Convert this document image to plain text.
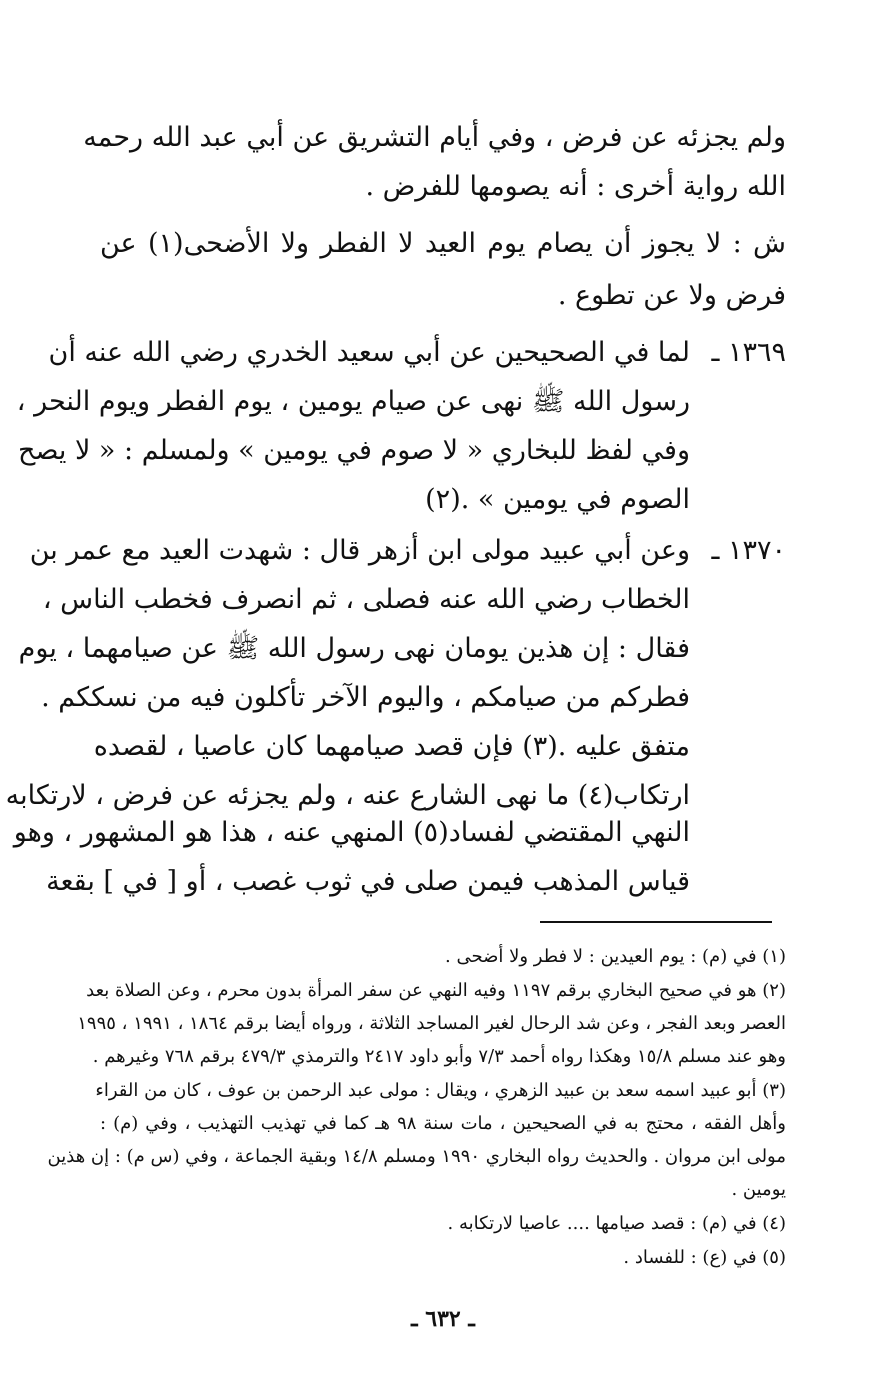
ولم يجزئه عن فرض ، وفي أيام التشريق عن أبي عبد الله رحمه
الله رواية أخرى : أنه يصومها للفرض .
ش : لا يجوز أن يصام يوم العيد لا الفطر ولا الأضحى(١) عن
فرض ولا عن تطوع .
١٣٦٩ ـ
لما في الصحيحين عن أبي سعيد الخدري رضي الله عنه أن
رسول الله ﷺ نهى عن صيام يومين ، يوم الفطر ويوم النحر ،
وفي لفظ للبخاري « لا صوم في يومين » ولمسلم : « لا يصح
الصوم في يومين » .(٢)
١٣٧٠ ـ
وعن أبي عبيد مولى ابن أزهر قال : شهدت العيد مع عمر بن
الخطاب رضي الله عنه فصلى ، ثم انصرف فخطب الناس ،
فقال : إن هذين يومان نهى رسول الله ﷺ عن صيامهما ، يوم
فطركم من صيامكم ، واليوم الآخر تأكلون فيه من نسككم .
متفق عليه .(٣) فإن قصد صيامهما كان عاصيا ، لقصده
ارتكاب(٤) ما نهى الشارع عنه ، ولم يجزئه عن فرض ، لارتكابه
النهي المقتضي لفساد(٥) المنهي عنه ، هذا هو المشهور ، وهو
قياس المذهب فيمن صلى في ثوب غصب ، أو [ في ] بقعة
(١) في (م) : يوم العيدين : لا فطر ولا أضحى .
(٢) هو في صحيح البخاري برقم ١١٩٧ وفيه النهي عن سفر المرأة بدون محرم ، وعن الصلاة بعد
العصر وبعد الفجر ، وعن شد الرحال لغير المساجد الثلاثة ، ورواه أيضا برقم ١٨٦٤ ، ١٩٩١ ، ١٩٩٥
وهو عند مسلم ١٥/٨ وهكذا رواه أحمد ٧/٣ وأبو داود ٢٤١٧ والترمذي ٤٧٩/٣ برقم ٧٦٨ وغيرهم .
(٣) أبو عبيد اسمه سعد بن عبيد الزهري ، ويقال : مولى عبد الرحمن بن عوف ، كان من القراء
وأهل الفقه ، محتج به في الصحيحين ، مات سنة ٩٨ هـ كما في تهذيب التهذيب ، وفي (م) :
مولى ابن مروان . والحديث رواه البخاري ١٩٩٠ ومسلم ١٤/٨ وبقية الجماعة ، وفي (س م) : إن هذين
يومين .
(٤) في (م) : قصد صيامها .... عاصيا لارتكابه .
(٥) في (ع) : للفساد .
ـ ٦٣٢ ـ
